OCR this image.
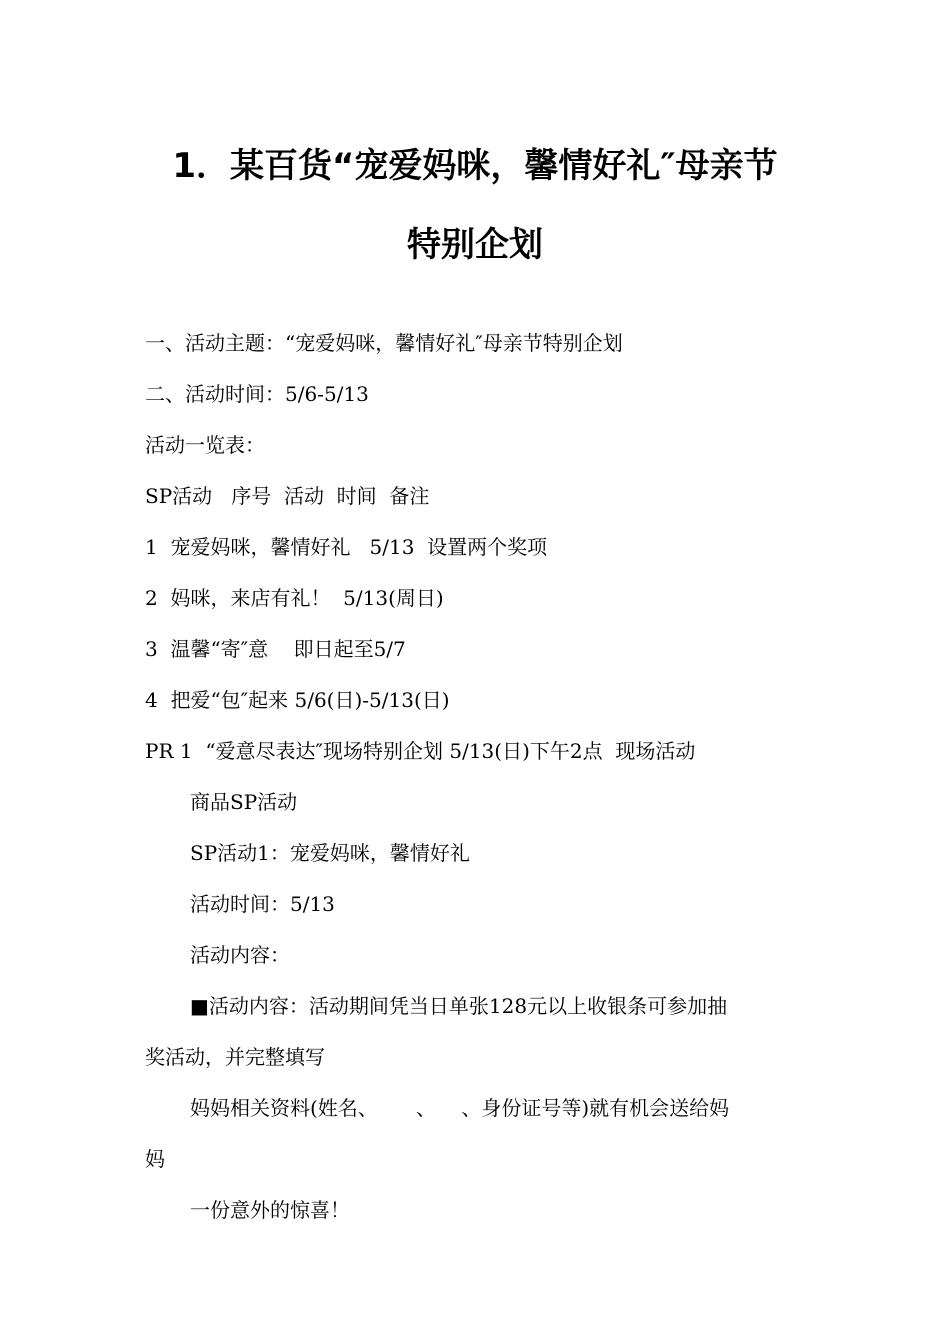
1．某百货“宠爱妈咪，馨情好礼″母亲节
特别企划
一、活动主题：“宠爱妈咪，馨情好礼″母亲节特别企划
二、活动时间：5/6-5/13
活动一览表：
SP活动   序号  活动  时间  备注
1  宠爱妈咪，馨情好礼   5/13  设置两个奖项
2  妈咪，来店有礼！  5/13(周日)
3  温馨“寄″意    即日起至5/7
4  把爱“包″起来 5/6(日)-5/13(日)
PR 1  “爱意尽表达″现场特别企划 5/13(日)下午2点  现场活动
商品SP活动
SP活动1：宠爱妈咪，馨情好礼
活动时间：5/13
活动内容：
■活动内容：活动期间凭当日单张128元以上收银条可参加抽
奖活动，并完整填写
妈妈相关资料(姓名、      、    、身份证号等)就有机会送给妈
妈
一份意外的惊喜！
